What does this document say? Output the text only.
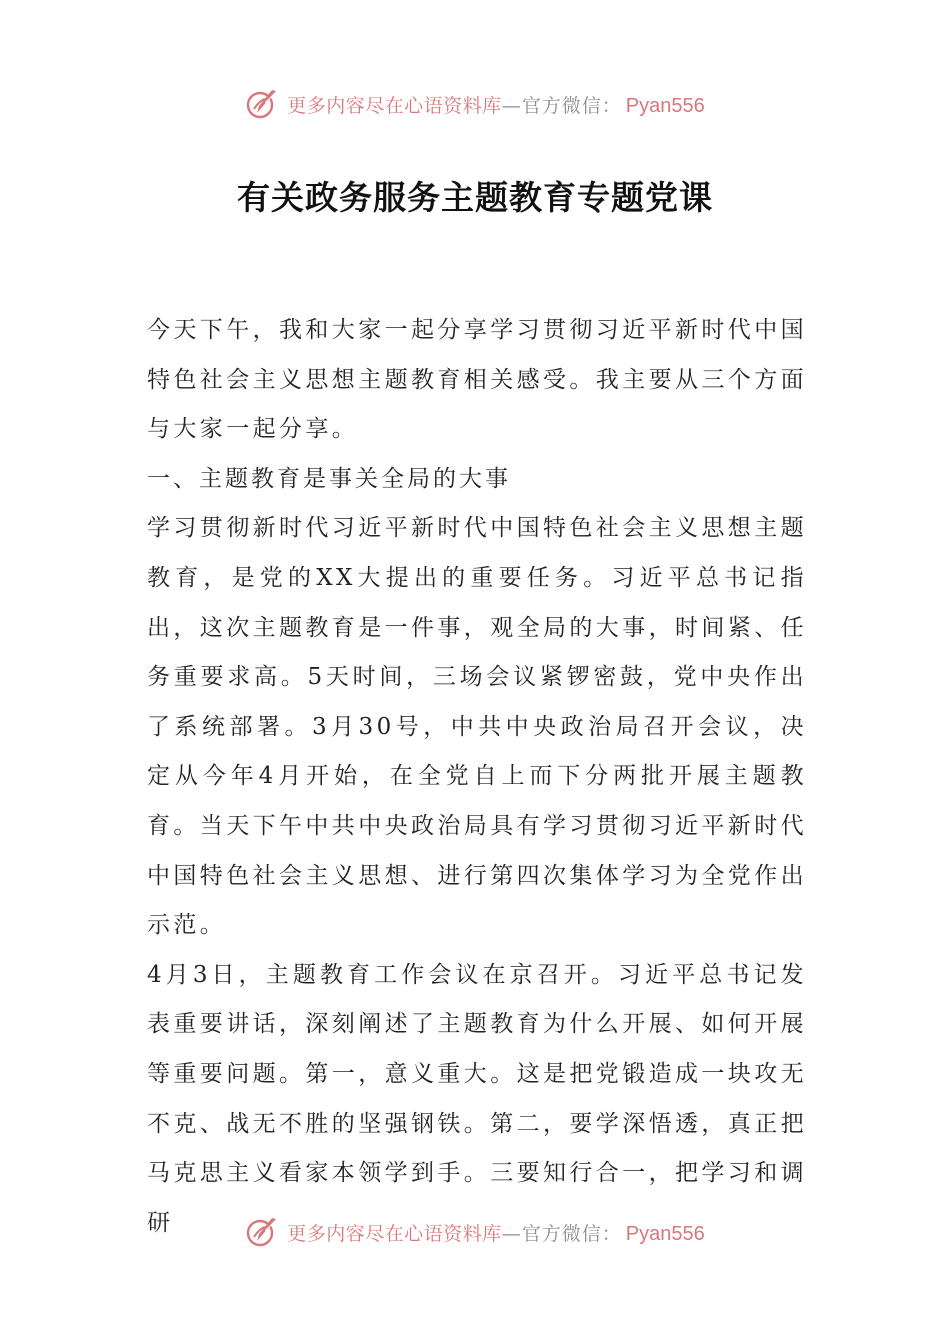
更多内容尽在心语资料库 —官方微信： Pyan556
有关政务服务主题教育专题党课

今天下午，我和大家一起分享学习贯彻习近平新时代中国特色社会主义思想主题教育相关感受。我主要从三个方面与大家一起分享。

一、主题教育是事关全局的大事

学习贯彻新时代习近平新时代中国特色社会主义思想主题教育，是党的XX大提出的重要任务。习近平总书记指出，这次主题教育是一件事，观全局的大事，时间紧、任务重要求高。5天时间，三场会议紧锣密鼓，党中央作出了系统部署。3月30号，中共中央政治局召开会议，决定从今年4月开始，在全党自上而下分两批开展主题教育。当天下午中共中央政治局具有学习贯彻习近平新时代中国特色社会主义思想、进行第四次集体学习为全党作出示范。

4月3日，主题教育工作会议在京召开。习近平总书记发表重要讲话，深刻阐述了主题教育为什么开展、如何开展等重要问题。第一，意义重大。这是把党锻造成一块攻无不克、战无不胜的坚强钢铁。第二，要学深悟透，真正把马克思主义看家本领学到手。三要知行合一，把学习和调研	更多内容尽在心语资料库 —官方微信： Pyan556
